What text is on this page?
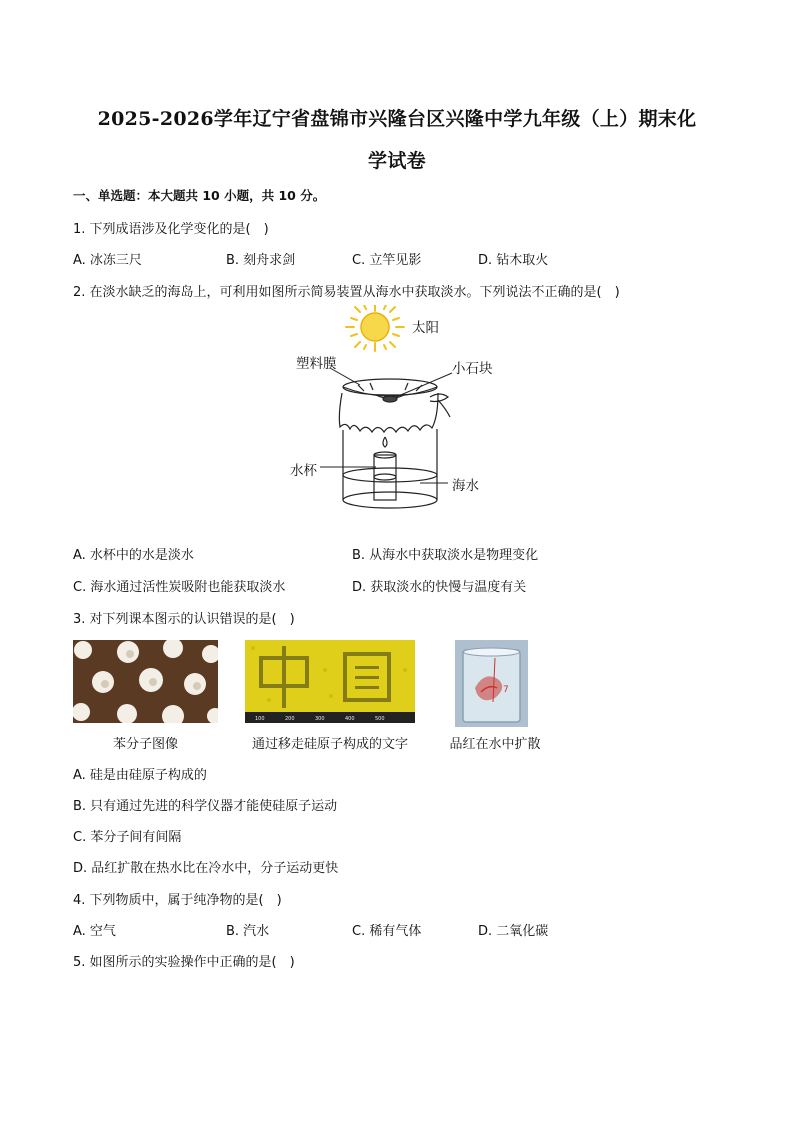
2025-2026学年辽宁省盘锦市兴隆台区兴隆中学九年级（上）期末化
学试卷
一、单选题：本大题共 10 小题，共 10 分。
1. 下列成语涉及化学变化的是(　)
A. 冰冻三尺	B. 刻舟求剑	C. 立竿见影	D. 钻木取火
2. 在淡水缺乏的海岛上，可利用如图所示简易装置从海水中获取淡水。下列说法不正确的是(　)
太阳
塑料膜	小石块
水杯
海水
A. 水杯中的水是淡水	B. 从海水中获取淡水是物理变化
C. 海水通过活性炭吸附也能获取淡水	D. 获取淡水的快慢与温度有关
3. 对下列课本图示的认识错误的是(　)
100	200	300	400	500
7
苯分子图像	通过移走硅原子构成的文字	品红在水中扩散
A. 硅是由硅原子构成的
B. 只有通过先进的科学仪器才能使硅原子运动
C. 苯分子间有间隔
D. 品红扩散在热水比在冷水中，分子运动更快
4. 下列物质中，属于纯净物的是(　)
A. 空气	B. 汽水	C. 稀有气体	D. 二氧化碳
5. 如图所示的实验操作中正确的是(　)
